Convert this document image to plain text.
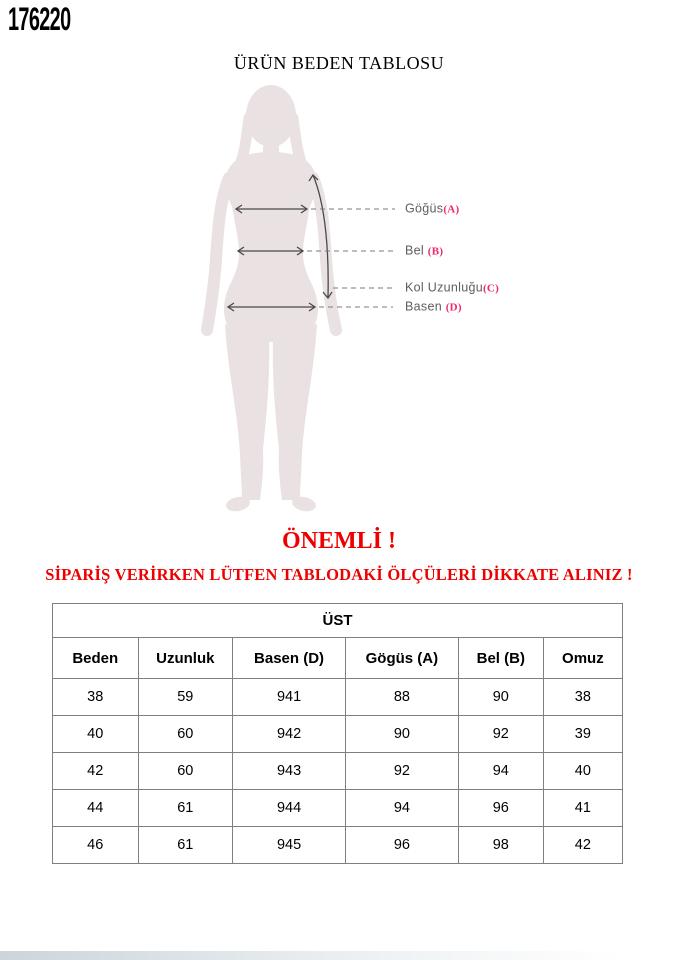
176220
ÜRÜN BEDEN TABLOSU
Göğüs(A)
Bel (B)
Kol Uzunluğu(C)
Basen (D)
ÖNEMLİ !
SİPARİŞ VERİRKEN LÜTFEN TABLODAKİ ÖLÇÜLERİ DİKKATE ALINIZ !
ÜST					
Beden	Uzunluk	Basen (D)	Gögüs (A)	Bel (B)	Omuz
38	59	941	88	90	38
40	60	942	90	92	39
42	60	943	92	94	40
44	61	944	94	96	41
46	61	945	96	98	42
